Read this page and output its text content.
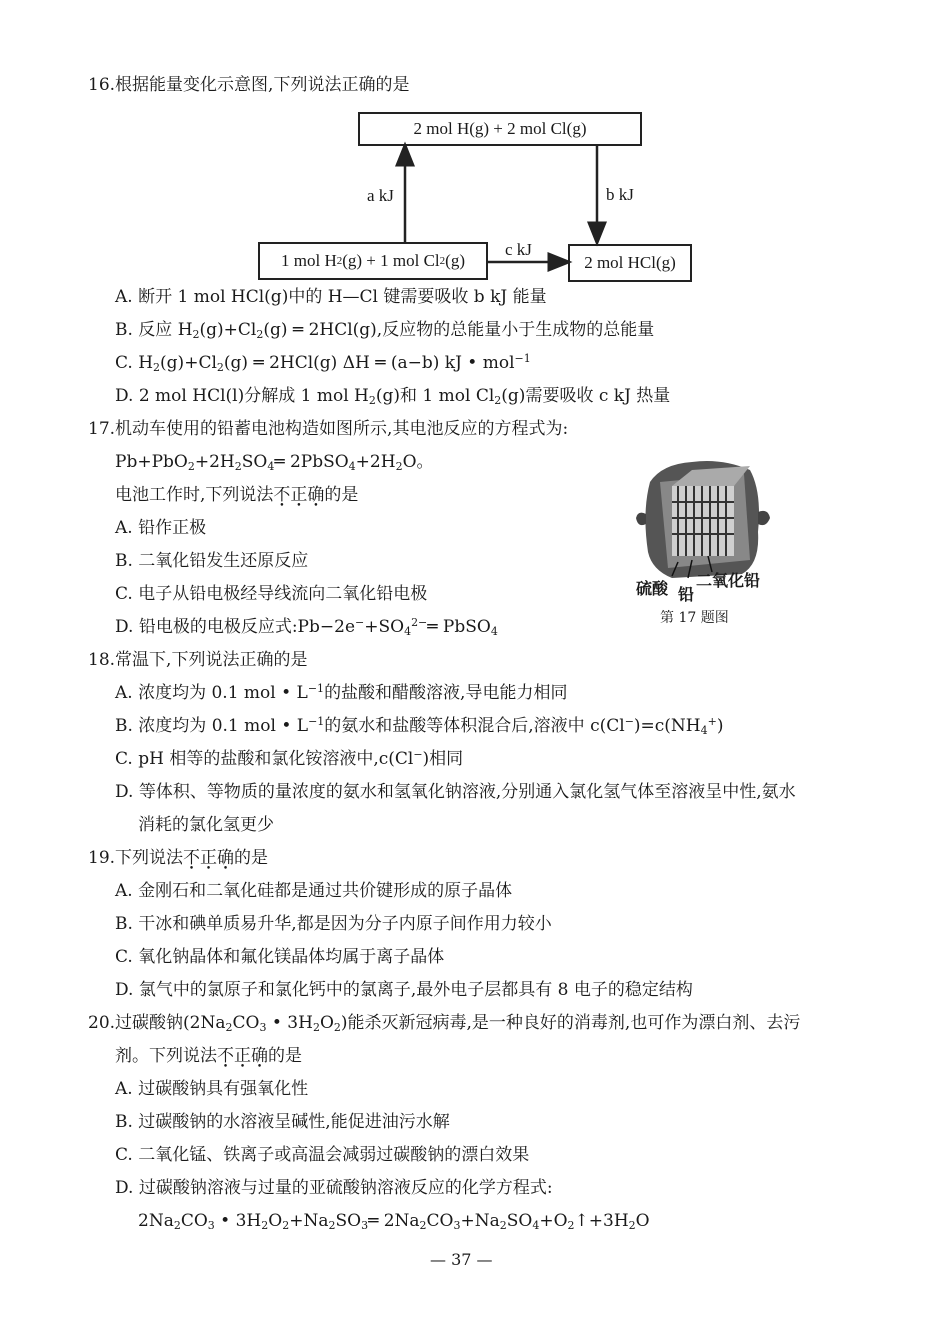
16.根据能量变化示意图,下列说法正确的是
2 mol H(g) + 2 mol Cl(g)
1 mol H 2 (g) + 1 mol Cl 2 (g)	2 mol HCl(g)
a kJ	b kJ
c kJ
A. 断开 1 mol HCl(g)中的 H—Cl 键需要吸收 b kJ 能量
B. 反应 $H_2(g)+Cl_2(g)$ ═ 2HCl(g),反应物的总能量小于生成物的总能量
C. $H_2(g)+Cl_2(g)$ ═ 2HCl(g) ΔH ═ (a−b) kJ • mol$^{-1}$
D. 2 mol HCl(l)分解成 1 mol $H_2(g)$和 1 mol $Cl_2(g)$需要吸收 c kJ 热量
17.机动车使用的铅蓄电池构造如图所示,其电池反应的方程式为:
$Pb+PbO_2+2H_2SO_4═$ $2PbSO_4+2H_2O$。
电池工作时,下列说法不正确的是
A. 铅作正极
B. 二氧化铅发生还原反应
C. 电子从铅电极经导线流向二氧化铅电极
D. 铅电极的电极反应式$:Pb-2e^-+SO_4^{2-}═$ PbSO$_4$
硫酸 铅
二氧化铅
第 17 题图
18.常温下,下列说法正确的是
A. 浓度均为 0.1 mol • $L^{-1}$的盐酸和醋酸溶液,导电能力相同
B. 浓度均为 0.1 mol • $L^{-1}$的氨水和盐酸等体积混合后,溶液中 $c(Cl^-)=c(NH_4^+)$
C. pH 相等的盐酸和氯化铵溶液中,c(Cl−)相同
D. 等体积、等物质的量浓度的氨水和氢氧化钠溶液,分别通入氯化氢气体至溶液呈中性,氨水
消耗的氯化氢更少
19.下列说法不正确的是
A. 金刚石和二氧化硅都是通过共价键形成的原子晶体
B. 干冰和碘单质易升华,都是因为分子内原子间作用力较小
C. 氧化钠晶体和氟化镁晶体均属于离子晶体
D. 氯气中的氯原子和氯化钙中的氯离子,最外电子层都具有 8 电子的稳定结构
20.过碳酸钠($2Na_2CO_3$ • $3H_2O_2$)能杀灭新冠病毒,是一种良好的消毒剂,也可作为漂白剂、去污
剂。下列说法不正确的是
A. 过碳酸钠具有强氧化性
B. 过碳酸钠的水溶液呈碱性,能促进油污水解
C. 二氧化锰、铁离子或高温会减弱过碳酸钠的漂白效果
D. 过碳酸钠溶液与过量的亚硫酸钠溶液反应的化学方程式:
$2Na_2CO_3$ • $3H_2O_2+Na_2SO_3═$ $2Na_2CO_3+Na_2SO_4+O_2↑+3H_2O$
— 37 —
